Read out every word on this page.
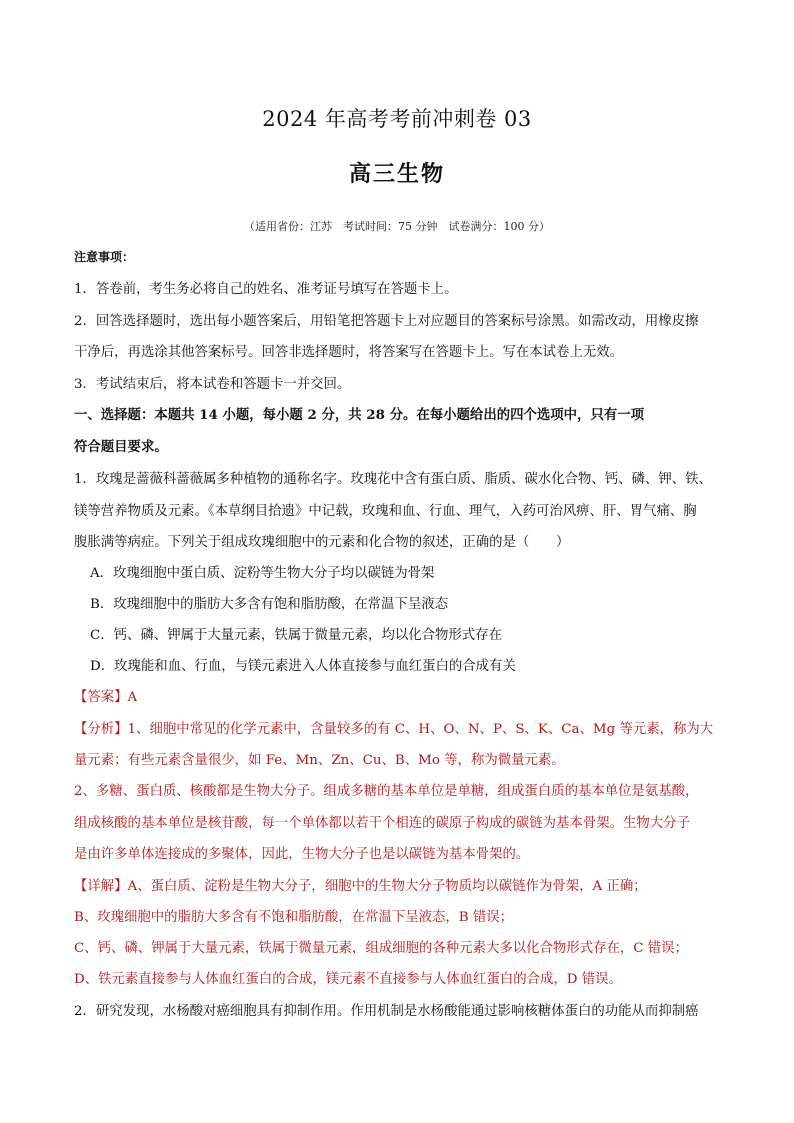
2024 年高考考前冲刺卷 03
高三生物
（适用省份：江苏　考试时间：75 分钟　试卷满分：100 分）
注意事项：
1．答卷前，考生务必将自己的姓名、准考证号填写在答题卡上。
2．回答选择题时，选出每小题答案后，用铅笔把答题卡上对应题目的答案标号涂黑。如需改动，用橡皮擦
干净后，再选涂其他答案标号。回答非选择题时，将答案写在答题卡上。写在本试卷上无效。
3．考试结束后，将本试卷和答题卡一并交回。
一、选择题：本题共 14 小题，每小题 2 分，共 28 分。在每小题给出的四个选项中，只有一项
符合题目要求。
1．玫瑰是蔷薇科蔷薇属多种植物的通称名字。玫瑰花中含有蛋白质、脂质、碳水化合物、钙、磷、钾、铁、
镁等营养物质及元素。《本草纲目拾遗》中记载，玫瑰和血、行血、理气，入药可治风痹、肝、胃气痛、胸
腹胀满等病症。下列关于组成玫瑰细胞中的元素和化合物的叙述，正确的是（　　）
A．玫瑰细胞中蛋白质、淀粉等生物大分子均以碳链为骨架
B．玫瑰细胞中的脂肪大多含有饱和脂肪酸，在常温下呈液态
C．钙、磷、钾属于大量元素，铁属于微量元素，均以化合物形式存在
D．玫瑰能和血、行血，与镁元素进入人体直接参与血红蛋白的合成有关
【答案】A
【分析】1、细胞中常见的化学元素中，含量较多的有 C、H、O、N、P、S、K、Ca、Mg 等元素，称为大
量元素；有些元素含量很少，如 Fe、Mn、Zn、Cu、B、Mo 等，称为微量元素。
2、多糖、蛋白质、核酸都是生物大分子。组成多糖的基本单位是单糖，组成蛋白质的基本单位是氨基酸，
组成核酸的基本单位是核苷酸，每一个单体都以若干个相连的碳原子构成的碳链为基本骨架。生物大分子
是由许多单体连接成的多聚体，因此，生物大分子也是以碳链为基本骨架的。
【详解】A、蛋白质、淀粉是生物大分子，细胞中的生物大分子物质均以碳链作为骨架，A 正确；
B、玫瑰细胞中的脂肪大多含有不饱和脂肪酸，在常温下呈液态，B 错误；
C、钙、磷、钾属于大量元素，铁属于微量元素，组成细胞的各种元素大多以化合物形式存在，C 错误；
D、铁元素直接参与人体血红蛋白的合成，镁元素不直接参与人体血红蛋白的合成，D 错误。
2．研究发现，水杨酸对癌细胞具有抑制作用。作用机制是水杨酸能通过影响核糖体蛋白的功能从而抑制癌
